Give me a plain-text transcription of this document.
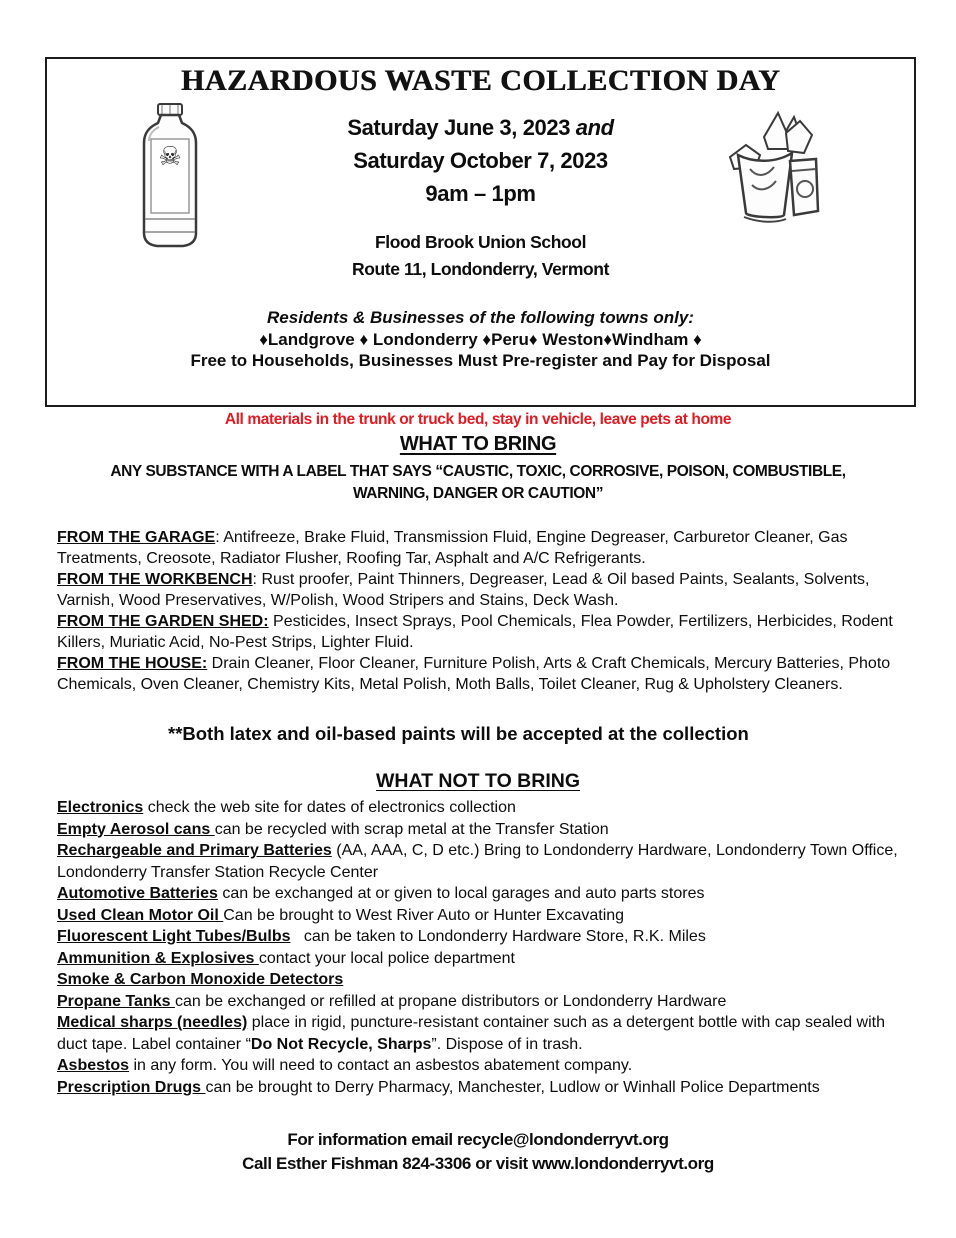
HAZARDOUS WASTE COLLECTION DAY
☠
Saturday June 3, 2023 and
Saturday October 7, 2023
9am – 1pm
Flood Brook Union School
Route 11, Londonderry, Vermont
Residents & Businesses of the following towns only:
♦Landgrove ♦ Londonderry ♦Peru♦ Weston♦Windham ♦
Free to Households, Businesses Must Pre-register and Pay for Disposal
All materials in the trunk or truck bed, stay in vehicle, leave pets at home
WHAT TO BRING
ANY SUBSTANCE WITH A LABEL THAT SAYS “CAUSTIC, TOXIC, CORROSIVE, POISON, COMBUSTIBLE,
WARNING, DANGER OR CAUTION”
FROM THE GARAGE: Antifreeze, Brake Fluid, Transmission Fluid, Engine Degreaser, Carburetor Cleaner, Gas Treatments, Creosote, Radiator Flusher, Roofing Tar, Asphalt and A/C Refrigerants.
FROM THE WORKBENCH: Rust proofer, Paint Thinners, Degreaser, Lead & Oil based Paints, Sealants, Solvents, Varnish, Wood Preservatives, W/Polish, Wood Stripers and Stains, Deck Wash.
FROM THE GARDEN SHED: Pesticides, Insect Sprays, Pool Chemicals, Flea Powder, Fertilizers, Herbicides, Rodent Killers, Muriatic Acid, No-Pest Strips, Lighter Fluid.
FROM THE HOUSE: Drain Cleaner, Floor Cleaner, Furniture Polish, Arts & Craft Chemicals, Mercury Batteries, Photo Chemicals, Oven Cleaner, Chemistry Kits, Metal Polish, Moth Balls, Toilet Cleaner, Rug & Upholstery Cleaners.
**Both latex and oil-based paints will be accepted at the collection
WHAT NOT TO BRING
Electronics check the web site for dates of electronics collection
Empty Aerosol cans can be recycled with scrap metal at the Transfer Station
Rechargeable and Primary Batteries (AA, AAA, C, D etc.) Bring to Londonderry Hardware, Londonderry Town Office, Londonderry Transfer Station Recycle Center
Automotive Batteries can be exchanged at or given to local garages and auto parts stores
Used Clean Motor Oil Can be brought to West River Auto or Hunter Excavating
Fluorescent Light Tubes/Bulbs   can be taken to Londonderry Hardware Store, R.K. Miles
Ammunition & Explosives contact your local police department
Smoke & Carbon Monoxide Detectors
Propane Tanks can be exchanged or refilled at propane distributors or Londonderry Hardware
Medical sharps (needles) place in rigid, puncture-resistant container such as a detergent bottle with cap sealed with duct tape. Label container “Do Not Recycle, Sharps”. Dispose of in trash.
Asbestos in any form. You will need to contact an asbestos abatement company.
Prescription Drugs can be brought to Derry Pharmacy, Manchester, Ludlow or Winhall Police Departments
For information email recycle@londonderryvt.org
Call Esther Fishman 824-3306 or visit www.londonderryvt.org
